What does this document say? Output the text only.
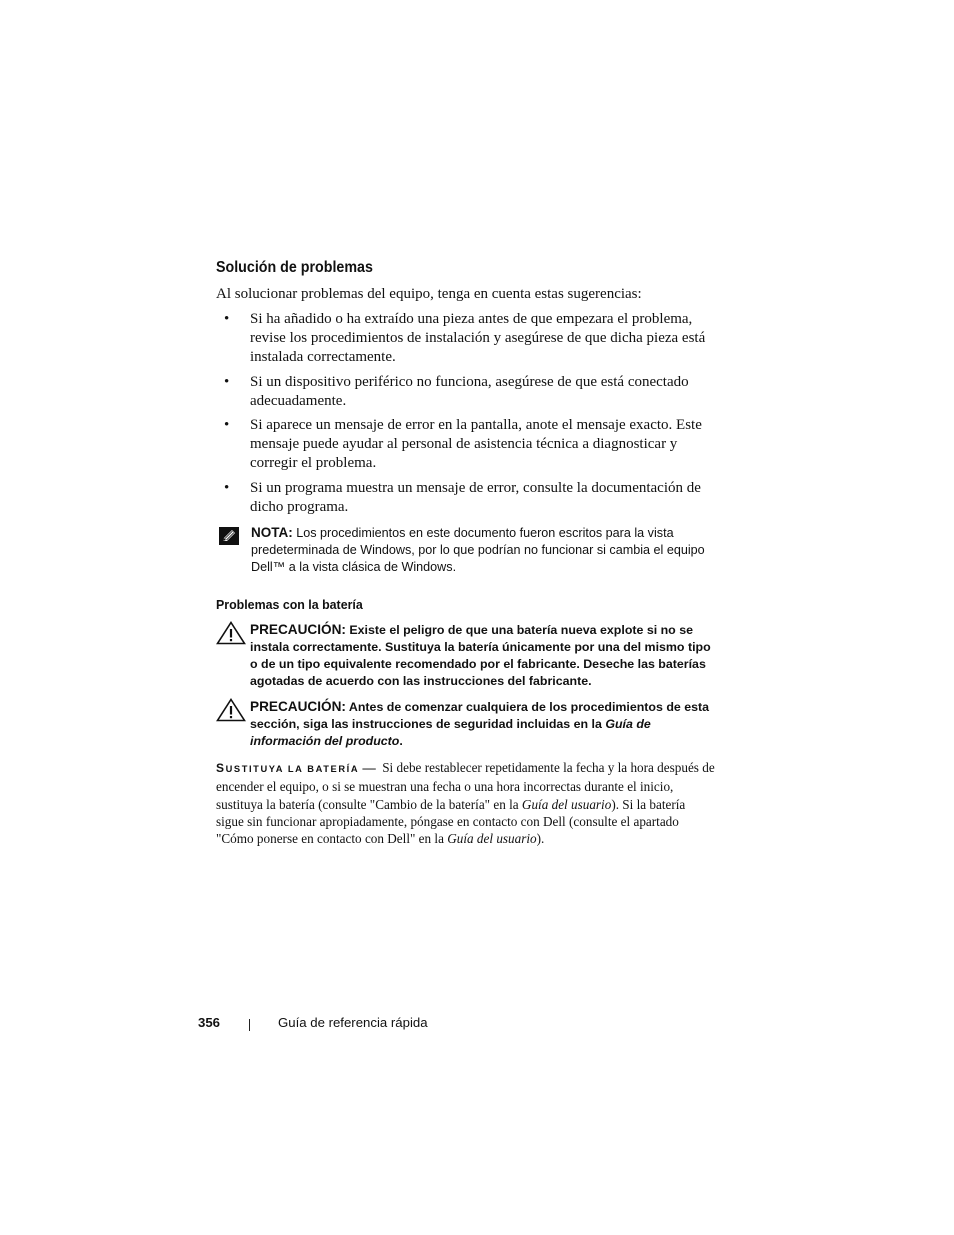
Solución de problemas
Al solucionar problemas del equipo, tenga en cuenta estas sugerencias:
• Si ha añadido o ha extraído una pieza antes de que empezara el problema, revise los procedimientos de instalación y asegúrese de que dicha pieza está instalada correctamente.
• Si un dispositivo periférico no funciona, asegúrese de que está conectado adecuadamente.
• Si aparece un mensaje de error en la pantalla, anote el mensaje exacto. Este mensaje puede ayudar al personal de asistencia técnica a diagnosticar y corregir el problema.
• Si un programa muestra un mensaje de error, consulte la documentación de dicho programa.
NOTA: Los procedimientos en este documento fueron escritos para la vista predeterminada de Windows, por lo que podrían no funcionar si cambia el equipo Dell™ a la vista clásica de Windows.
Problemas con la batería
PRECAUCIÓN: Existe el peligro de que una batería nueva explote si no se instala correctamente. Sustituya la batería únicamente por una del mismo tipo o de un tipo equivalente recomendado por el fabricante. Deseche las baterías agotadas de acuerdo con las instrucciones del fabricante.
PRECAUCIÓN: Antes de comenzar cualquiera de los procedimientos de esta sección, siga las instrucciones de seguridad incluidas en la Guía de información del producto.
SUSTITUYA LA BATERÍA — Si debe restablecer repetidamente la fecha y la hora después de encender el equipo, o si se muestran una fecha o una hora incorrectas durante el inicio, sustituya la batería (consulte "Cambio de la batería" en la Guía del usuario). Si la batería sigue sin funcionar apropiadamente, póngase en contacto con Dell (consulte el apartado "Cómo ponerse en contacto con Dell" en la Guía del usuario).
356	Guía de referencia rápida
